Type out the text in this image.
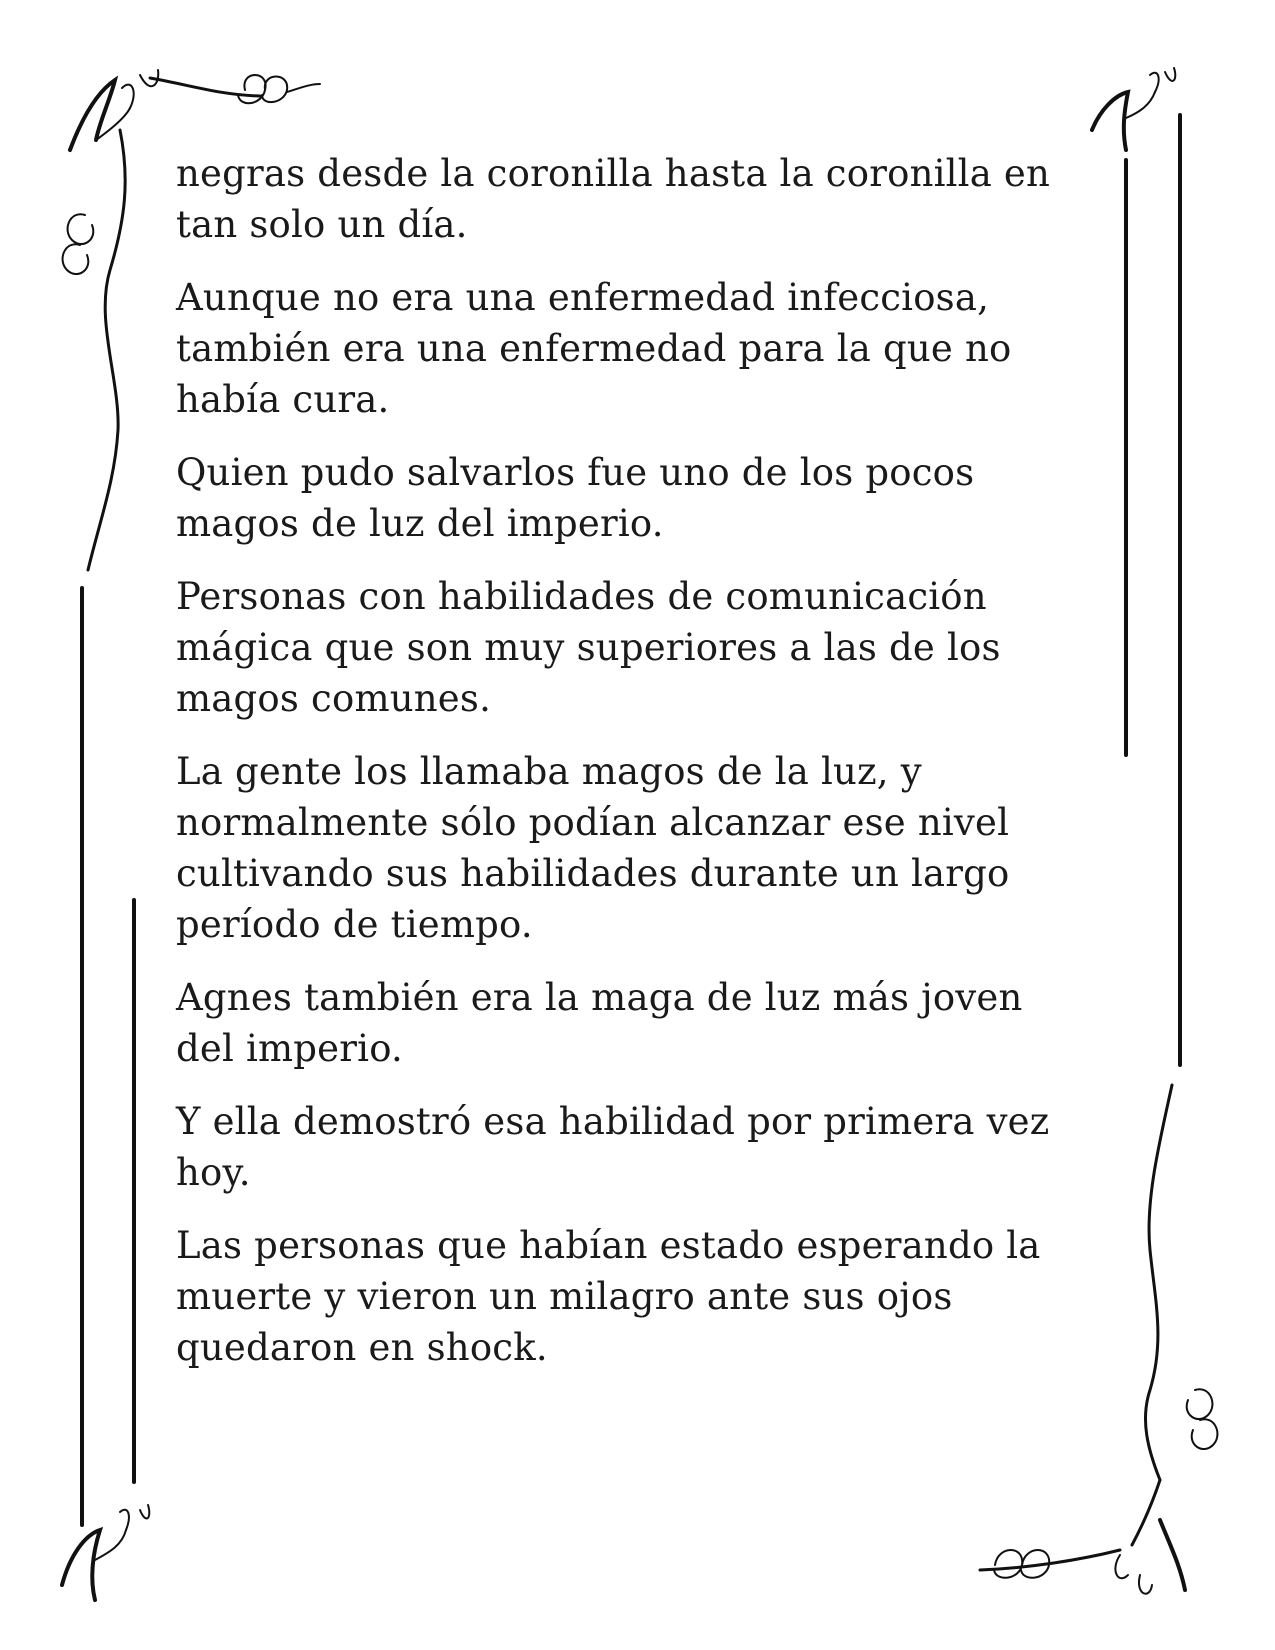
negras desde la coronilla hasta la coronilla en tan solo un día.

Aunque no era una enfermedad infecciosa, también era una enfermedad para la que no había cura.

Quien pudo salvarlos fue uno de los pocos magos de luz del imperio.

Personas con habilidades de comunicación mágica que son muy superiores a las de los magos comunes.

La gente los llamaba magos de la luz, y normalmente sólo podían alcanzar ese nivel cultivando sus habilidades durante un largo período de tiempo.

Agnes también era la maga de luz más joven del imperio.

Y ella demostró esa habilidad por primera vez hoy.

Las personas que habían estado esperando la muerte y vieron un milagro ante sus ojos quedaron en shock.
